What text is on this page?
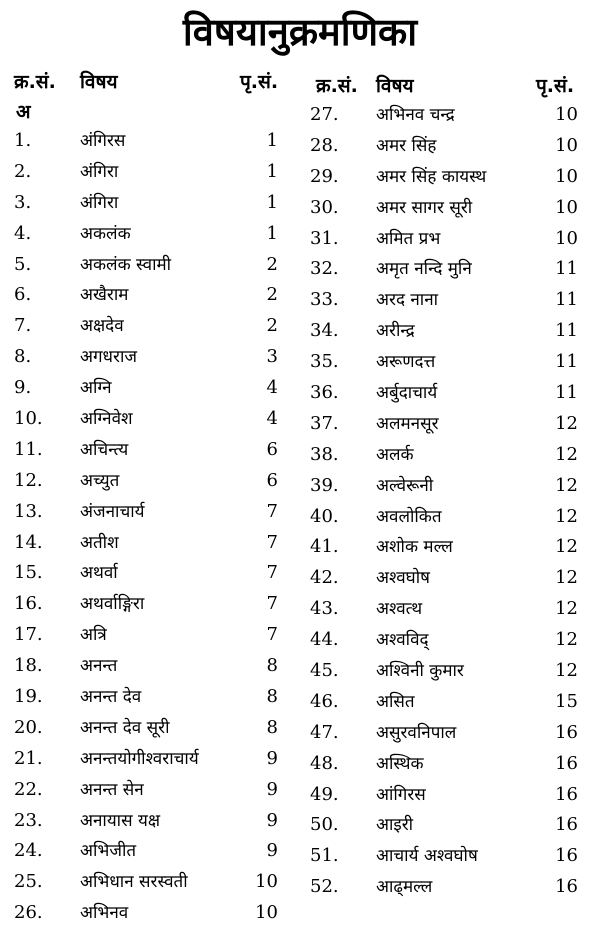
विषयानुक्रमणिका
क्र.सं. विषय	पृ.सं.
अ
1.	अंगिरस	1
2.	अंगिरा	1
3.	अंगिरा	1
4.	अकलंक	1
5.	अकलंक स्वामी	2
6.	अखैराम	2
7.	अक्षदेव	2
8.	अगधराज	3
9.	अग्नि	4
10. अग्निवेश	4
11. अचिन्त्य	6
12. अच्युत	6
13. अंजनाचार्य	7
14. अतीश	7
15. अथर्वा	7
16. अथर्वाङ्गिरा	7
17. अत्रि	7
18. अनन्त	8
19. अनन्त देव	8
20. अनन्त देव सूरी	8
21. अनन्तयोगीश्वराचार्य	9
22. अनन्त सेन	9
23. अनायास यक्ष	9
24. अभिजीत	9
25. अभिधान सरस्वती	10
26. अभिनव	10
क्र.सं. विषय	पृ.सं.
27. अभिनव चन्द्र	10
28. अमर सिंह	10
29. अमर सिंह कायस्थ	10
30. अमर सागर सूरी	10
31. अमित प्रभ	10
32. अमृत नन्दि मुनि	11
33. अरद नाना	11
34. अरीन्द्र	11
35. अरूणदत्त	11
36. अर्बुदाचार्य	11
37. अलमनसूर	12
38. अलर्क	12
39. अल्वेरूनी	12
40. अवलोकित	12
41. अशोक मल्ल	12
42. अश्वघोष	12
43. अश्वत्थ	12
44. अश्वविद्	12
45. अश्विनी कुमार	12
46. असित	15
47. असुरवनिपाल	16
48. अस्थिक	16
49. आंगिरस	16
50. आइरी	16
51. आचार्य अश्वघोष	16
52. आढ्मल्ल	16
